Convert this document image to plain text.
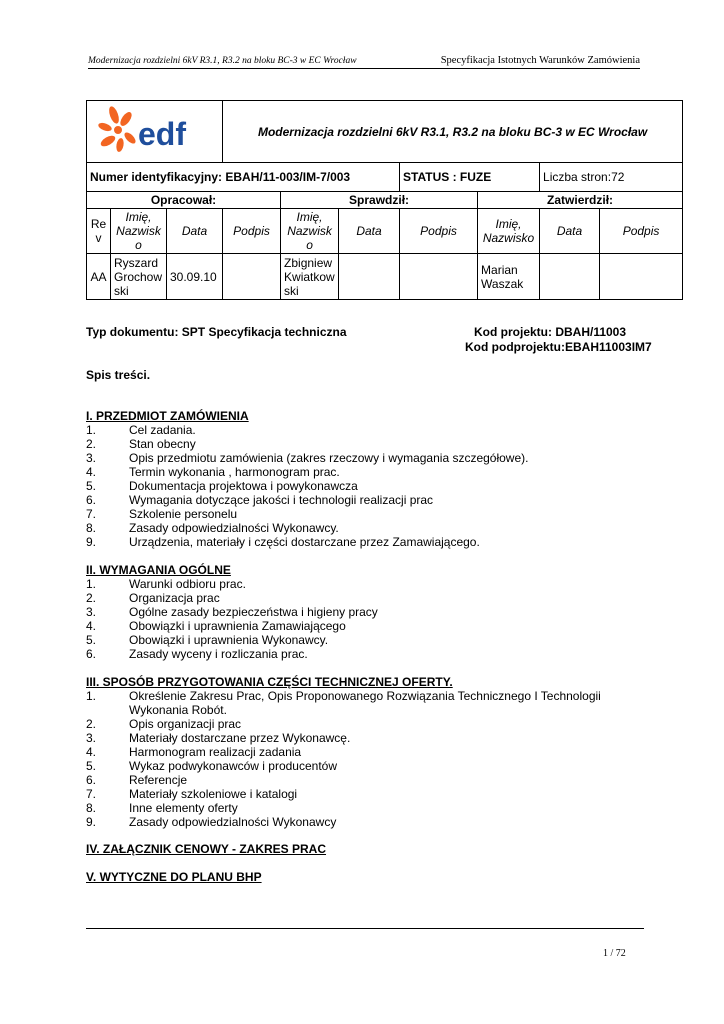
Modernizacja rozdzielni 6kV R3.1, R3.2 na bloku BC-3 w EC Wrocław	Specyfikacja Istotnych Warunków Zamówienia
edf			Modernizacja rozdzielni 6kV R3.1, R3.2 na bloku BC-3 w EC Wrocław						
Numer identyfikacyjny: EBAH/11-003/IM-7/003						STATUS : FUZE		Liczba stron:72	
Opracował:				Sprawdził:			Zatwierdził:		
Re v	Imię, Nazwisk o	Data	Podpis	Imię, Nazwisk o	Data	Podpis	Imię, Nazwisko	Data	Podpis
AA	Ryszard Grochow ski	30.09.10		Zbigniew Kwiatkow ski			Marian Waszak		
Typ dokumentu: SPT Specyfikacja techniczna	Kod projektu: DBAH/11003
Kod podprojektu:EBAH11003IM7
Spis treści.
I. PRZEDMIOT ZAMÓWIENIA
1.	Cel zadania.
2.	Stan obecny
3.	Opis przedmiotu zamówienia (zakres rzeczowy i wymagania szczegółowe).
4.	Termin wykonania , harmonogram prac.
5.	Dokumentacja projektowa i powykonawcza
6.	Wymagania dotyczące jakości i technologii realizacji prac
7.	Szkolenie personelu
8.	Zasady odpowiedzialności Wykonawcy.
9.	Urządzenia, materiały i części dostarczane przez Zamawiającego.
II. WYMAGANIA OGÓLNE
1.	Warunki odbioru prac.
2.	Organizacja prac
3.	Ogólne zasady bezpieczeństwa i higieny pracy
4.	Obowiązki i uprawnienia Zamawiającego
5.	Obowiązki i uprawnienia Wykonawcy.
6.	Zasady wyceny i rozliczania prac.
III. SPOSÓB PRZYGOTOWANIA CZĘŚCI TECHNICZNEJ OFERTY.
1.	Określenie Zakresu Prac, Opis Proponowanego Rozwiązania Technicznego I Technologii
Wykonania Robót.
2.	Opis organizacji prac
3.	Materiały dostarczane przez Wykonawcę.
4.	Harmonogram realizacji zadania
5.	Wykaz podwykonawców i producentów
6.	Referencje
7.	Materiały szkoleniowe i katalogi
8.	Inne elementy oferty
9.	Zasady odpowiedzialności Wykonawcy
IV. ZAŁĄCZNIK CENOWY - ZAKRES PRAC
V. WYTYCZNE DO PLANU BHP
1 / 72
